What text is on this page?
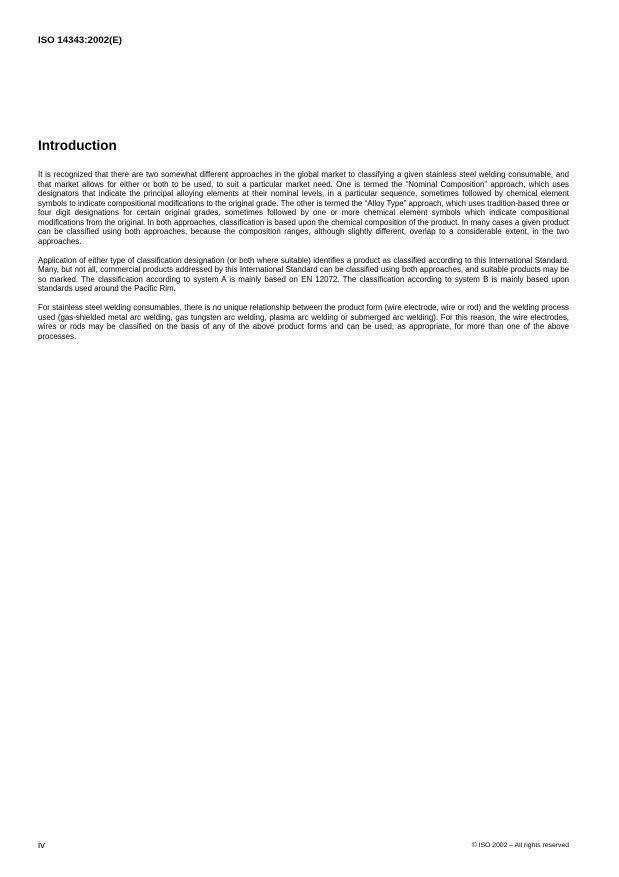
ISO 14343:2002(E)
Introduction

It is recognized that there are two somewhat different approaches in the global market to classifying a given stainless steel welding consumable, and that market allows for either or both to be used, to suit a particular market need. One is termed the “Nominal Composition” approach, which uses designators that indicate the principal alloying elements at their nominal levels, in a particular sequence, sometimes followed by chemical element symbols to indicate compositional modifications to the original grade. The other is termed the “Alloy Type” approach, which uses tradition-based three or four digit designations for certain original grades, sometimes followed by one or more chemical element symbols which indicate compositional modifications from the original. In both approaches, classification is based upon the chemical composition of the product. In many cases a given product can be classified using both approaches, because the composition ranges, although slightly different, overlap to a considerable extent, in the two approaches.

Application of either type of classification designation (or both where suitable) identifies a product as classified according to this International Standard. Many, but not all, commercial products addressed by this International Standard can be classified using both approaches, and suitable products may be so marked. The classification according to system A is mainly based on EN 12072. The classification according to system B is mainly based upon standards used around the Pacific Rim.

For stainless steel welding consumables, there is no unique relationship between the product form (wire electrode, wire or rod) and the welding process used (gas-shielded metal arc welding, gas tungsten arc welding, plasma arc welding or submerged arc welding). For this reason, the wire electrodes, wires or rods may be classified on the basis of any of the above product forms and can be used, as appropriate, for more than one of the above processes.

iv	© ISO 2002 – All rights reserved
